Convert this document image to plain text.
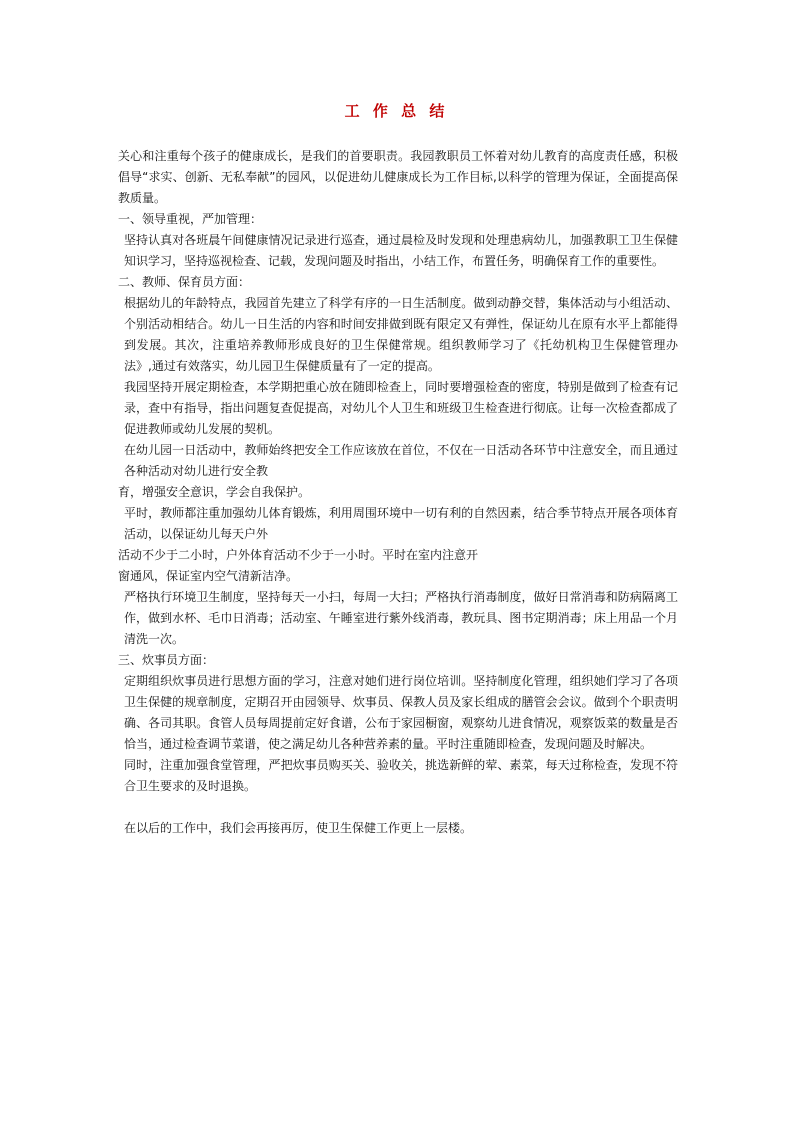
工 作 总 结

关心和注重每个孩子的健康成长，是我们的首要职责。我园教职员工怀着对幼儿教育的高度责任感，积极倡导“求实、创新、无私奉献”的园风，以促进幼儿健康成长为工作目标,以科学的管理为保证，全面提高保教质量。

一、领导重视，严加管理：

坚持认真对各班晨午间健康情况记录进行巡查，通过晨检及时发现和处理患病幼儿，加强教职工卫生保健知识学习，坚持巡视检查、记载，发现问题及时指出，小结工作，布置任务，明确保育工作的重要性。

二、教师、保育员方面：

根据幼儿的年龄特点，我园首先建立了科学有序的一日生活制度。做到动静交替，集体活动与小组活动、个别活动相结合。幼儿一日生活的内容和时间安排做到既有限定又有弹性，保证幼儿在原有水平上都能得到发展。其次，注重培养教师形成良好的卫生保健常规。组织教师学习了《托幼机构卫生保健管理办法》,通过有效落实，幼儿园卫生保健质量有了一定的提高。

我园坚持开展定期检查，本学期把重心放在随即检查上，同时要增强检查的密度，特别是做到了检查有记录，查中有指导，指出问题复查促提高，对幼儿个人卫生和班级卫生检查进行彻底。让每一次检查都成了促进教师或幼儿发展的契机。

在幼儿园一日活动中，教师始终把安全工作应该放在首位，不仅在一日活动各环节中注意安全，而且通过各种活动对幼儿进行安全教

育，增强安全意识，学会自我保护。

平时，教师都注重加强幼儿体育锻炼，利用周围环境中一切有利的自然因素，结合季节特点开展各项体育活动，以保证幼儿每天户外

活动不少于二小时，户外体育活动不少于一小时。平时在室内注意开

窗通风，保证室内空气清新洁净。

严格执行环境卫生制度，坚持每天一小扫，每周一大扫；严格执行消毒制度，做好日常消毒和防病隔离工作，做到水杯、毛巾日消毒；活动室、午睡室进行紫外线消毒，教玩具、图书定期消毒；床上用品一个月清洗一次。

三、炊事员方面：

定期组织炊事员进行思想方面的学习，注意对她们进行岗位培训。坚持制度化管理，组织她们学习了各项卫生保健的规章制度，定期召开由园领导、炊事员、保教人员及家长组成的膳管会会议。做到个个职责明确、各司其职。食管人员每周提前定好食谱，公布于家园橱窗，观察幼儿进食情况，观察饭菜的数量是否恰当，通过检查调节菜谱，使之满足幼儿各种营养素的量。平时注重随即检查，发现问题及时解决。

同时，注重加强食堂管理，严把炊事员购买关、验收关，挑选新鲜的荤、素菜，每天过称检查，发现不符合卫生要求的及时退换。

在以后的工作中，我们会再接再厉，使卫生保健工作更上一层楼。
